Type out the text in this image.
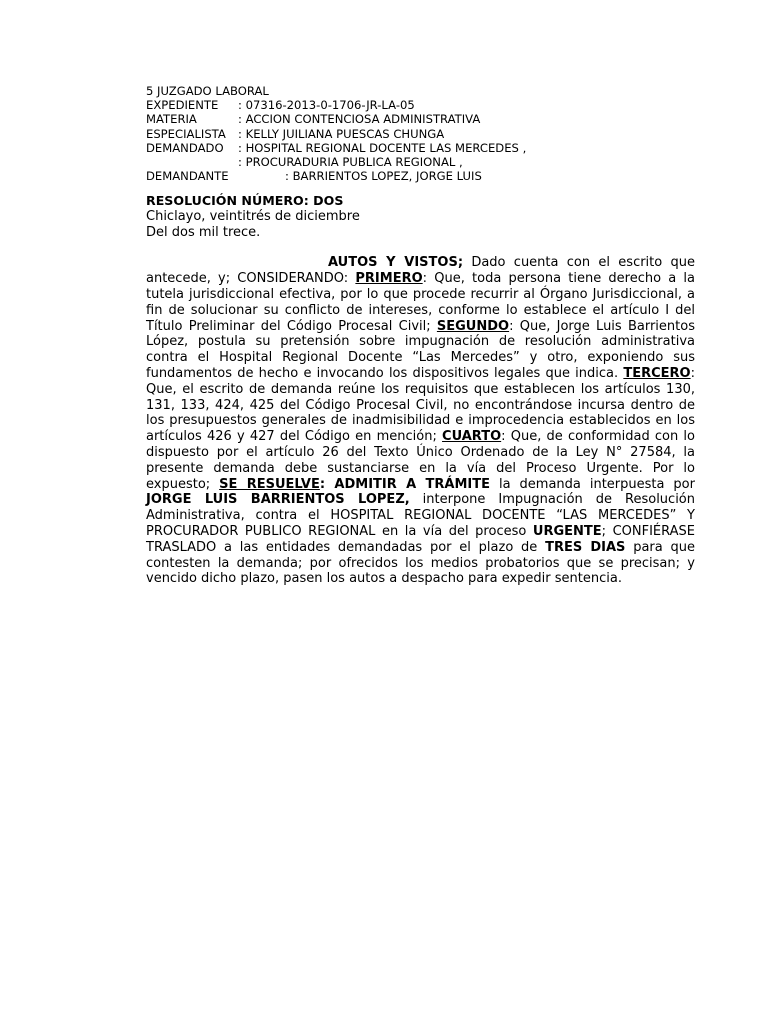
5 JUZGADO LABORAL
EXPEDIENTE : 07316-2013-0-1706-JR-LA-05
MATERIA	: ACCION CONTENCIOSA ADMINISTRATIVA
ESPECIALISTA : KELLY JUILIANA PUESCAS CHUNGA
DEMANDADO : HOSPITAL REGIONAL DOCENTE LAS MERCEDES ,
: PROCURADURIA PUBLICA REGIONAL ,
DEMANDANTE	: BARRIENTOS LOPEZ, JORGE LUIS
RESOLUCIÓN NÚMERO: DOS
Chiclayo, veintitrés de diciembre
Del dos mil trece.
AUTOS Y VISTOS; Dado cuenta con el escrito que antecede, y; CONSIDERANDO: PRIMERO: Que, toda persona tiene derecho a la tutela jurisdiccional efectiva, por lo que procede recurrir al Órgano Jurisdiccional, a fin de solucionar su conflicto de intereses, conforme lo establece el artículo I del Título Preliminar del Código Procesal Civil; SEGUNDO: Que, Jorge Luis Barrientos López, postula su pretensión sobre impugnación de resolución administrativa contra el Hospital Regional Docente “Las Mercedes” y otro, exponiendo sus fundamentos de hecho e invocando los dispositivos legales que indica. TERCERO: Que, el escrito de demanda reúne los requisitos que establecen los artículos 130, 131, 133, 424, 425 del Código Procesal Civil, no encontrándose incursa dentro de los presupuestos generales de inadmisibilidad e improcedencia establecidos en los artículos 426 y 427 del Código en mención; CUARTO: Que, de conformidad con lo dispuesto por el artículo 26 del Texto Único Ordenado de la Ley N° 27584, la presente demanda debe sustanciarse en la vía del Proceso Urgente. Por lo expuesto; SE RESUELVE: ADMITIR A TRÁMITE la demanda interpuesta por JORGE LUIS BARRIENTOS LOPEZ, interpone Impugnación de Resolución Administrativa, contra el HOSPITAL REGIONAL DOCENTE “LAS MERCEDES” Y PROCURADOR PUBLICO REGIONAL en la vía del proceso URGENTE; CONFIÉRASE TRASLADO a las entidades demandadas por el plazo de TRES DIAS para que contesten la demanda; por ofrecidos los medios probatorios que se precisan; y vencido dicho plazo, pasen los autos a despacho para expedir sentencia.
